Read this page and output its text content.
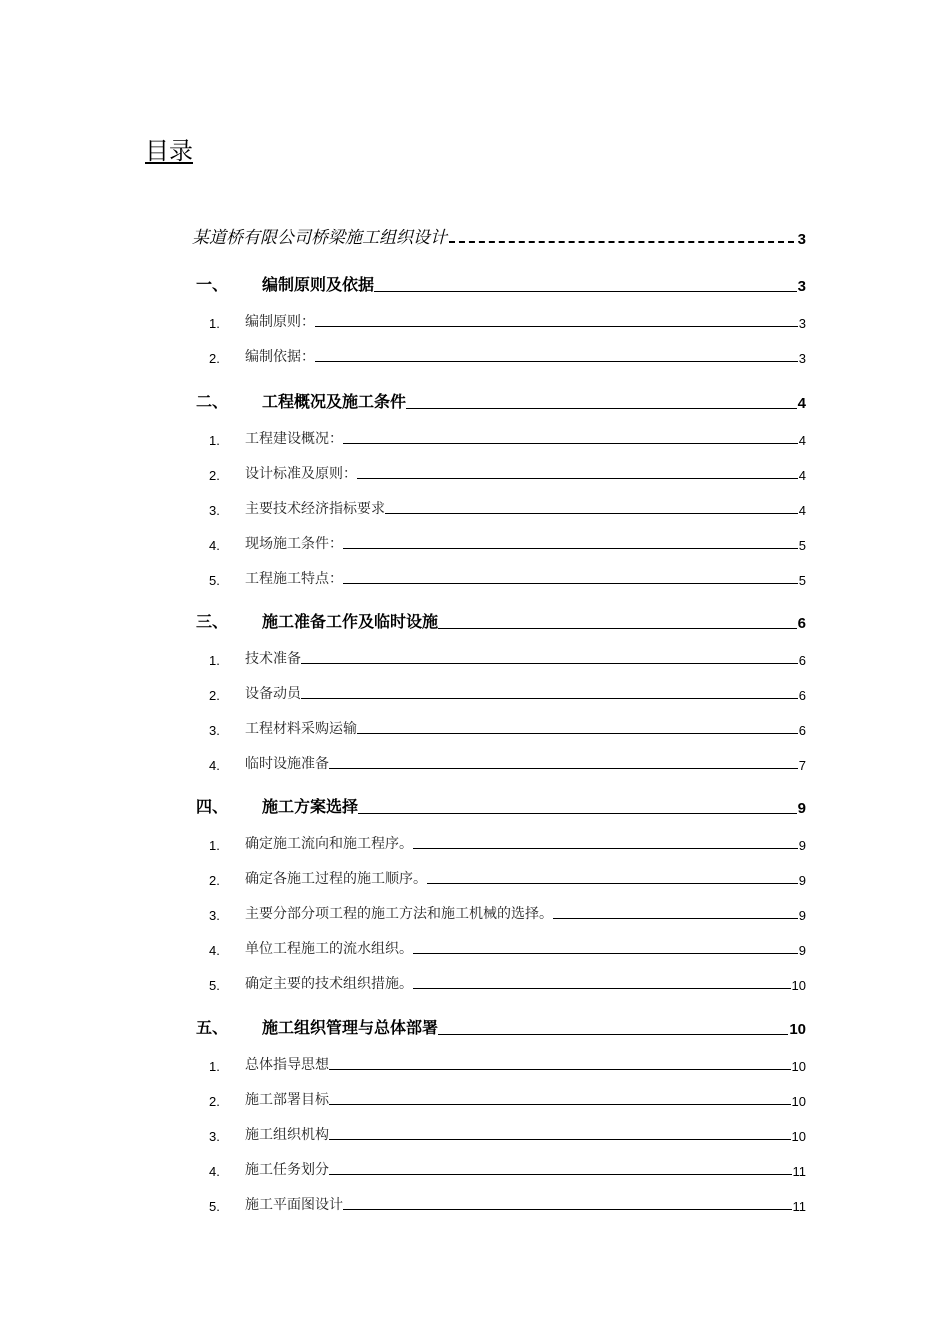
目录
某道桥有限公司桥梁施工组织设计	3
一、	编制原则及依据	3
1.	编制原则：	3
2.	编制依据：	3
二、	工程概况及施工条件	4
1.	工程建设概况：	4
2.	设计标准及原则：	4
3.	主要技术经济指标要求	4
4.	现场施工条件：	5
5.	工程施工特点：	5
三、	施工准备工作及临时设施	6
1.	技术准备	6
2.	设备动员	6
3.	工程材料采购运输	6
4.	临时设施准备	7
四、	施工方案选择	9
1.	确定施工流向和施工程序。	9
2.	确定各施工过程的施工顺序。	9
3.	主要分部分项工程的施工方法和施工机械的选择。	9
4.	单位工程施工的流水组织。	9
5.	确定主要的技术组织措施。	10
五、	施工组织管理与总体部署	10
1.	总体指导思想	10
2.	施工部署目标	10
3.	施工组织机构	10
4.	施工任务划分	11
5.	施工平面图设计	11
